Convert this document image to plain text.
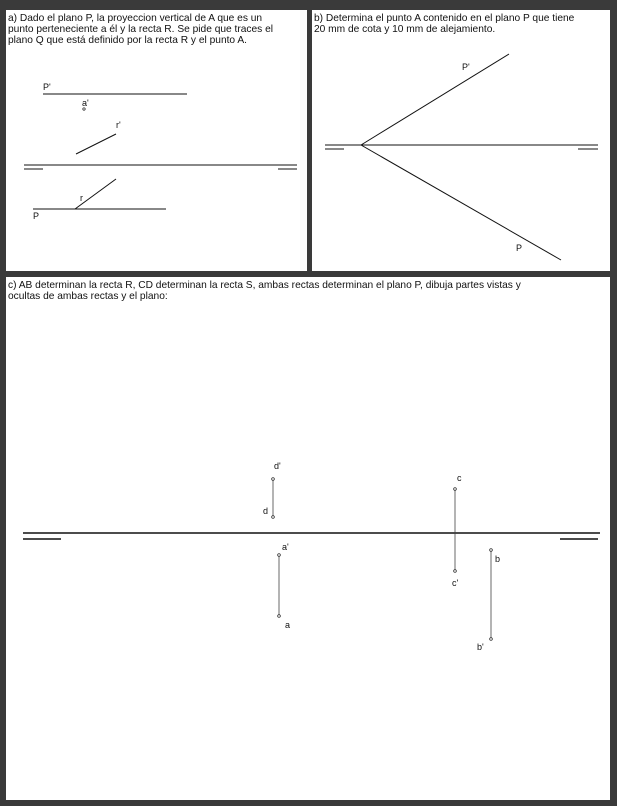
a) Dado el plano P, la proyeccion vertical de A que es un
punto perteneciente a él y la recta R. Se pide que traces el
plano Q que está definido por la recta R y el punto A.

P'
a'
r'
r
P

b) Determina el punto A contenido en el plano P que tiene
20 mm de cota y 10 mm de alejamiento.

P'
P

c) AB determinan la recta R, CD determinan la recta S, ambas rectas determinan el plano P, dibuja partes vistas y
ocultas de ambas rectas y el plano:

d'
d
c
c'
a'
a
b
b'
